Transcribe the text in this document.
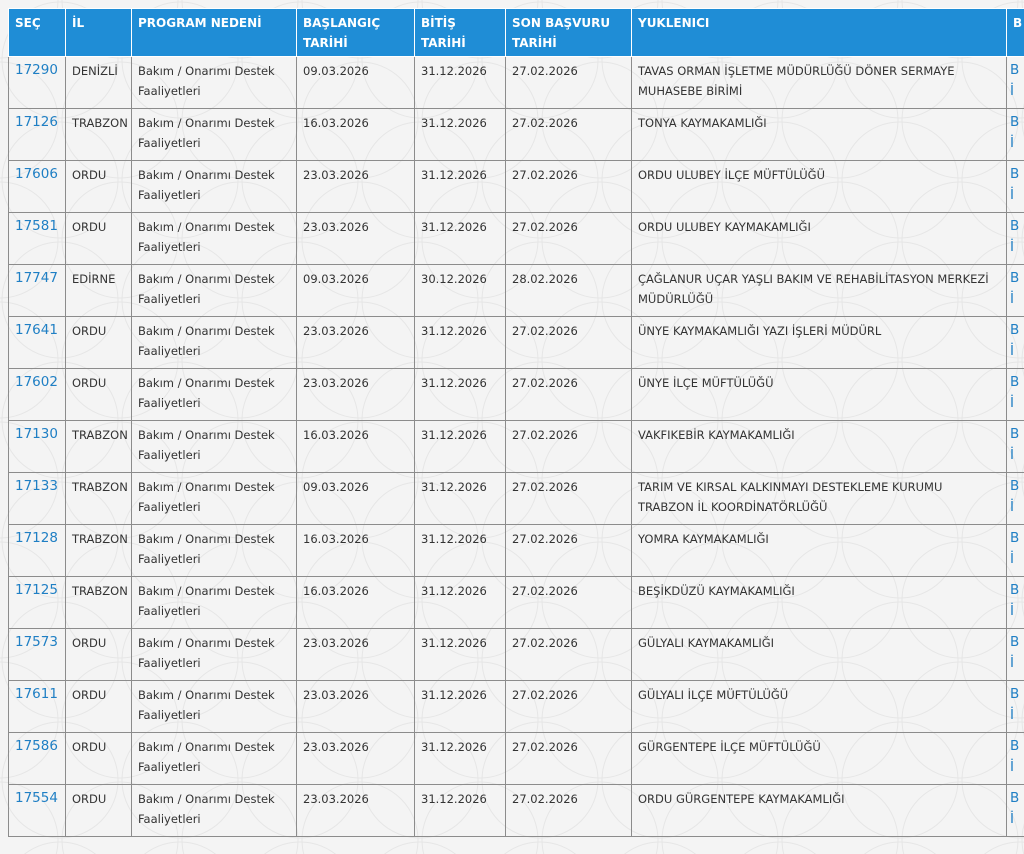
SEÇ	İL	PROGRAM NEDENİ	BAŞLANGIÇ TARİHİ	BİTİŞ TARİHİ	SON BAŞVURU TARİHİ	YUKLENICI	B
17290	DENİZLİ	Bakım / Onarımı Destek Faaliyetleri	09.03.2026	31.12.2026	27.02.2026	TAVAS ORMAN İŞLETME MÜDÜRLÜĞÜ DÖNER SERMAYE MUHASEBE BİRİMİ	B
İ

17126	TRABZON	Bakım / Onarımı Destek Faaliyetleri	16.03.2026	31.12.2026	27.02.2026	TONYA KAYMAKAMLIĞI	B
İ

17606	ORDU	Bakım / Onarımı Destek Faaliyetleri	23.03.2026	31.12.2026	27.02.2026	ORDU ULUBEY İLÇE MÜFTÜLÜĞÜ	B
İ

17581	ORDU	Bakım / Onarımı Destek Faaliyetleri	23.03.2026	31.12.2026	27.02.2026	ORDU ULUBEY KAYMAKAMLIĞI	B
İ

17747	EDİRNE	Bakım / Onarımı Destek Faaliyetleri	09.03.2026	30.12.2026	28.02.2026	ÇAĞLANUR UÇAR YAŞLI BAKIM VE REHABİLİTASYON MERKEZİ MÜDÜRLÜĞÜ	B
İ

17641	ORDU	Bakım / Onarımı Destek Faaliyetleri	23.03.2026	31.12.2026	27.02.2026	ÜNYE KAYMAKAMLIĞI YAZI İŞLERİ MÜDÜRL	B
İ

17602	ORDU	Bakım / Onarımı Destek Faaliyetleri	23.03.2026	31.12.2026	27.02.2026	ÜNYE İLÇE MÜFTÜLÜĞÜ	B
İ

17130	TRABZON	Bakım / Onarımı Destek Faaliyetleri	16.03.2026	31.12.2026	27.02.2026	VAKFIKEBİR KAYMAKAMLIĞI	B
İ

17133	TRABZON	Bakım / Onarımı Destek Faaliyetleri	09.03.2026	31.12.2026	27.02.2026	TARIM VE KIRSAL KALKINMAYI DESTEKLEME KURUMU TRABZON İL KOORDİNATÖRLÜĞÜ	B
İ

17128	TRABZON	Bakım / Onarımı Destek Faaliyetleri	16.03.2026	31.12.2026	27.02.2026	YOMRA KAYMAKAMLIĞI	B
İ

17125	TRABZON	Bakım / Onarımı Destek Faaliyetleri	16.03.2026	31.12.2026	27.02.2026	BEŞİKDÜZÜ KAYMAKAMLIĞI	B
İ

17573	ORDU	Bakım / Onarımı Destek Faaliyetleri	23.03.2026	31.12.2026	27.02.2026	GÜLYALI KAYMAKAMLIĞI	B
İ

17611	ORDU	Bakım / Onarımı Destek Faaliyetleri	23.03.2026	31.12.2026	27.02.2026	GÜLYALI İLÇE MÜFTÜLÜĞÜ	B
İ

17586	ORDU	Bakım / Onarımı Destek Faaliyetleri	23.03.2026	31.12.2026	27.02.2026	GÜRGENTEPE İLÇE MÜFTÜLÜĞÜ	B
İ

17554	ORDU	Bakım / Onarımı Destek Faaliyetleri	23.03.2026	31.12.2026	27.02.2026	ORDU GÜRGENTEPE KAYMAKAMLIĞI	B
İ
